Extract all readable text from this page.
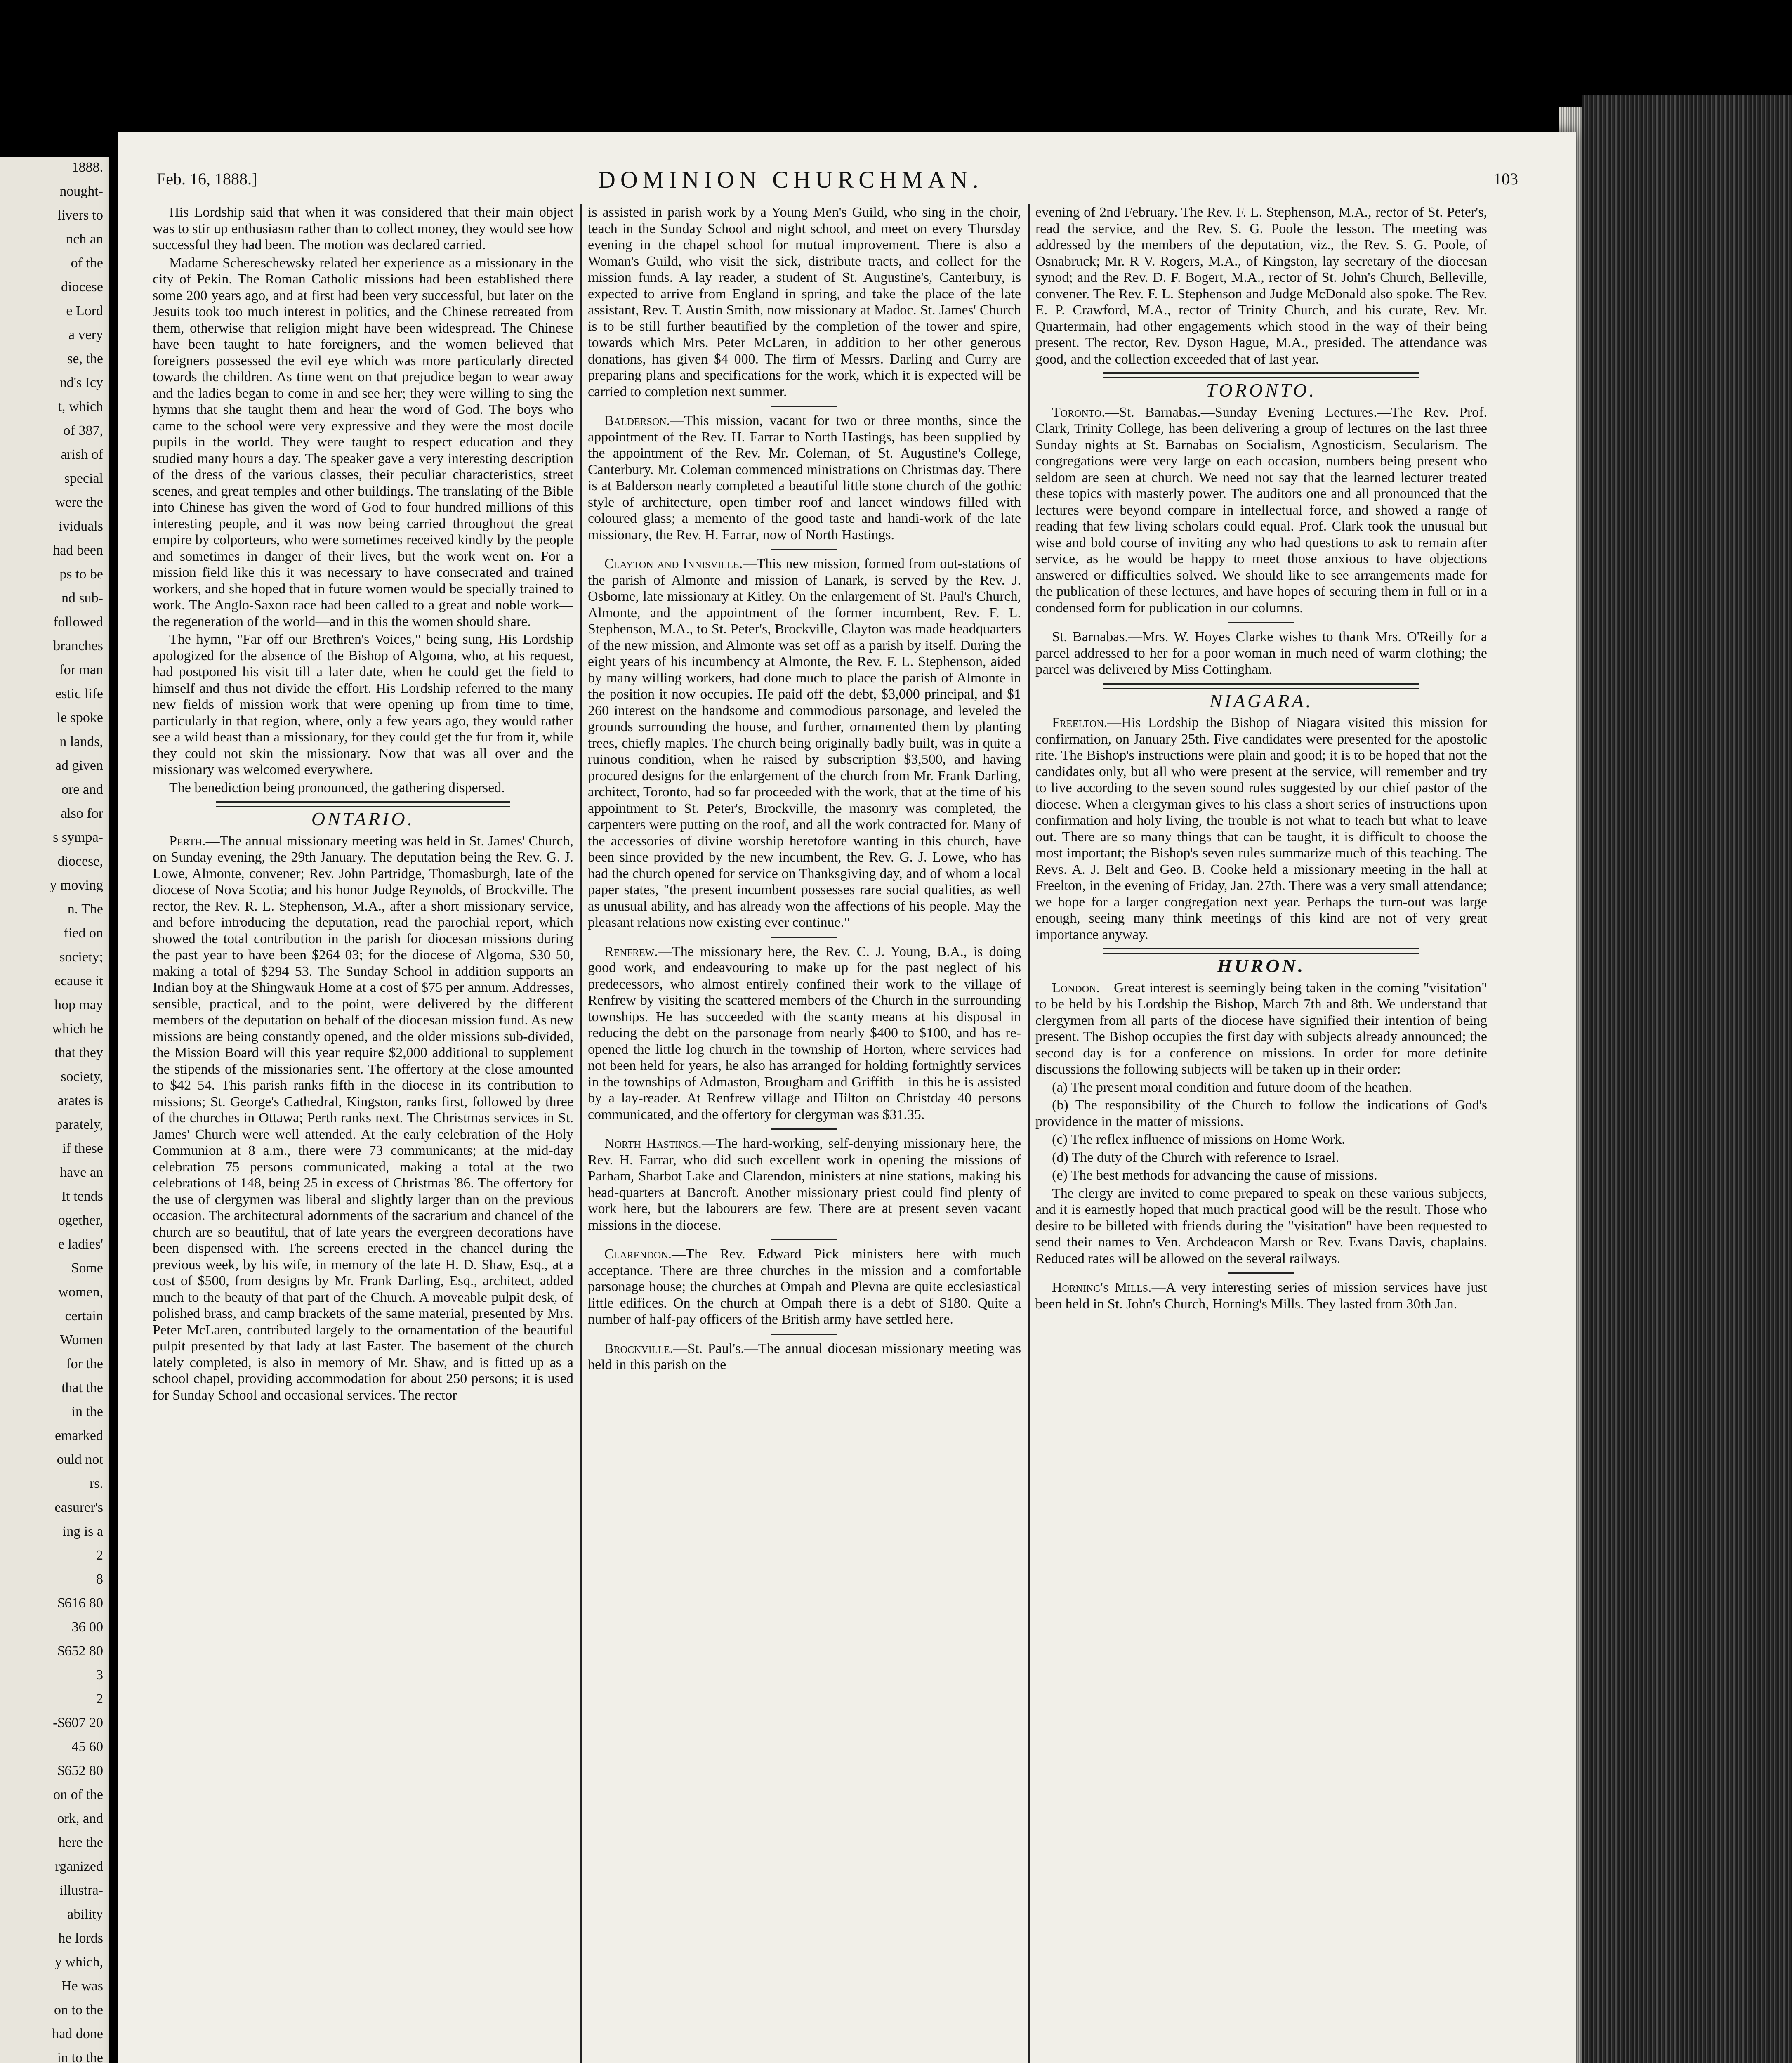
1888.
nought-
livers to
nch an
of the
diocese
e Lord
a very
se, the
nd's Icy
t, which
of 387,
arish of
special
were the
ividuals
had been
ps to be
nd sub-
followed
branches
for man
estic life
le spoke
n lands,
ad given
ore and
also for
s sympa-
diocese,
y moving
n. The
fied on
society;
ecause it
hop may
which he
that they
society,
arates is
parately,
if these
have an
It tends
ogether,
e ladies'
Some
women,
certain
Women
for the
that the
in the
emarked
ould not
rs.
easurer's
ing is a
2
8
$616 80
36 00
$652 80
3
2
-$607 20
45 60
$652 80
on of the
ork, and
here the
rganized
illustra-
ability
he lords
y which,
He was
on to the
had done
in to the
Feb. 16, 1888.]	DOMINION CHURCHMAN.	103

His Lordship said that when it was considered that their main object was to stir up enthusiasm rather than to collect money, they would see how successful they had been. The motion was declared carried.

Madame Schereschewsky related her experience as a missionary in the city of Pekin. The Roman Catholic missions had been established there some 200 years ago, and at first had been very successful, but later on the Jesuits took too much interest in politics, and the Chinese retreated from them, otherwise that religion might have been widespread. The Chinese have been taught to hate foreigners, and the women believed that foreigners possessed the evil eye which was more particularly directed towards the children. As time went on that prejudice began to wear away and the ladies began to come in and see her; they were willing to sing the hymns that she taught them and hear the word of God. The boys who came to the school were very expressive and they were the most docile pupils in the world. They were taught to respect education and they studied many hours a day. The speaker gave a very interesting description of the dress of the various classes, their peculiar characteristics, street scenes, and great temples and other buildings. The translating of the Bible into Chinese has given the word of God to four hundred millions of this interesting people, and it was now being carried throughout the great empire by colporteurs, who were sometimes received kindly by the people and sometimes in danger of their lives, but the work went on. For a mission field like this it was necessary to have consecrated and trained workers, and she hoped that in future women would be specially trained to work. The Anglo-Saxon race had been called to a great and noble work—the regeneration of the world—and in this the women should share.

The hymn, "Far off our Brethren's Voices," being sung, His Lordship apologized for the absence of the Bishop of Algoma, who, at his request, had postponed his visit till a later date, when he could get the field to himself and thus not divide the effort. His Lordship referred to the many new fields of mission work that were opening up from time to time, particularly in that region, where, only a few years ago, they would rather see a wild beast than a missionary, for they could get the fur from it, while they could not skin the missionary. Now that was all over and the missionary was welcomed everywhere.

The benediction being pronounced, the gathering dispersed.

ONTARIO.

Perth.—The annual missionary meeting was held in St. James' Church, on Sunday evening, the 29th January. The deputation being the Rev. G. J. Lowe, Almonte, convener; Rev. John Partridge, Thomasburgh, late of the diocese of Nova Scotia; and his honor Judge Reynolds, of Brockville. The rector, the Rev. R. L. Stephenson, M.A., after a short missionary service, and before introducing the deputation, read the parochial report, which showed the total contribution in the parish for diocesan missions during the past year to have been $264 03; for the diocese of Algoma, $30 50, making a total of $294 53. The Sunday School in addition supports an Indian boy at the Shingwauk Home at a cost of $75 per annum. Addresses, sensible, practical, and to the point, were delivered by the different members of the deputation on behalf of the diocesan mission fund. As new missions are being constantly opened, and the older missions sub-divided, the Mission Board will this year require $2,000 additional to supplement the stipends of the missionaries sent. The offertory at the close amounted to $42 54. This parish ranks fifth in the diocese in its contribution to missions; St. George's Cathedral, Kingston, ranks first, followed by three of the churches in Ottawa; Perth ranks next. The Christmas services in St. James' Church were well attended. At the early celebration of the Holy Communion at 8 a.m., there were 73 communicants; at the mid-day celebration 75 persons communicated, making a total at the two celebrations of 148, being 25 in excess of Christmas '86. The offertory for the use of clergymen was liberal and slightly larger than on the previous occasion. The architectural adornments of the sacrarium and chancel of the church are so beautiful, that of late years the evergreen decorations have been dispensed with. The screens erected in the chancel during the previous week, by his wife, in memory of the late H. D. Shaw, Esq., at a cost of $500, from designs by Mr. Frank Darling, Esq., architect, added much to the beauty of that part of the Church. A moveable pulpit desk, of polished brass, and camp brackets of the same material, presented by Mrs. Peter McLaren, contributed largely to the ornamentation of the beautiful pulpit presented by that lady at last Easter. The basement of the church lately completed, is also in memory of Mr. Shaw, and is fitted up as a school chapel, providing accommodation for about 250 persons; it is used for Sunday School and occasional services. The rector

is assisted in parish work by a Young Men's Guild, who sing in the choir, teach in the Sunday School and night school, and meet on every Thursday evening in the chapel school for mutual improvement. There is also a Woman's Guild, who visit the sick, distribute tracts, and collect for the mission funds. A lay reader, a student of St. Augustine's, Canterbury, is expected to arrive from England in spring, and take the place of the late assistant, Rev. T. Austin Smith, now missionary at Madoc. St. James' Church is to be still further beautified by the completion of the tower and spire, towards which Mrs. Peter McLaren, in addition to her other generous donations, has given $4 000. The firm of Messrs. Darling and Curry are preparing plans and specifications for the work, which it is expected will be carried to completion next summer.

Balderson.—This mission, vacant for two or three months, since the appointment of the Rev. H. Farrar to North Hastings, has been supplied by the appointment of the Rev. Mr. Coleman, of St. Augustine's College, Canterbury. Mr. Coleman commenced ministrations on Christmas day. There is at Balderson nearly completed a beautiful little stone church of the gothic style of architecture, open timber roof and lancet windows filled with coloured glass; a memento of the good taste and handi-work of the late missionary, the Rev. H. Farrar, now of North Hastings.

Clayton and Innisville.—This new mission, formed from out-stations of the parish of Almonte and mission of Lanark, is served by the Rev. J. Osborne, late missionary at Kitley. On the enlargement of St. Paul's Church, Almonte, and the appointment of the former incumbent, Rev. F. L. Stephenson, M.A., to St. Peter's, Brockville, Clayton was made headquarters of the new mission, and Almonte was set off as a parish by itself. During the eight years of his incumbency at Almonte, the Rev. F. L. Stephenson, aided by many willing workers, had done much to place the parish of Almonte in the position it now occupies. He paid off the debt, $3,000 principal, and $1 260 interest on the handsome and commodious parsonage, and leveled the grounds surrounding the house, and further, ornamented them by planting trees, chiefly maples. The church being originally badly built, was in quite a ruinous condition, when he raised by subscription $3,500, and having procured designs for the enlargement of the church from Mr. Frank Darling, architect, Toronto, had so far proceeded with the work, that at the time of his appointment to St. Peter's, Brockville, the masonry was completed, the carpenters were putting on the roof, and all the work contracted for. Many of the accessories of divine worship heretofore wanting in this church, have been since provided by the new incumbent, the Rev. G. J. Lowe, who has had the church opened for service on Thanksgiving day, and of whom a local paper states, "the present incumbent possesses rare social qualities, as well as unusual ability, and has already won the affections of his people. May the pleasant relations now existing ever continue."

Renfrew.—The missionary here, the Rev. C. J. Young, B.A., is doing good work, and endeavouring to make up for the past neglect of his predecessors, who almost entirely confined their work to the village of Renfrew by visiting the scattered members of the Church in the surrounding townships. He has succeeded with the scanty means at his disposal in reducing the debt on the parsonage from nearly $400 to $100, and has re-opened the little log church in the township of Horton, where services had not been held for years, he also has arranged for holding fortnightly services in the townships of Admaston, Brougham and Griffith—in this he is assisted by a lay-reader. At Renfrew village and Hilton on Christday 40 persons communicated, and the offertory for clergyman was $31.35.

North Hastings.—The hard-working, self-denying missionary here, the Rev. H. Farrar, who did such excellent work in opening the missions of Parham, Sharbot Lake and Clarendon, ministers at nine stations, making his head-quarters at Bancroft. Another missionary priest could find plenty of work here, but the labourers are few. There are at present seven vacant missions in the diocese.

Clarendon.—The Rev. Edward Pick ministers here with much acceptance. There are three churches in the mission and a comfortable parsonage house; the churches at Ompah and Plevna are quite ecclesiastical little edifices. On the church at Ompah there is a debt of $180. Quite a number of half-pay officers of the British army have settled here.

Brockville.—St. Paul's.—The annual diocesan missionary meeting was held in this parish on the

evening of 2nd February. The Rev. F. L. Stephenson, M.A., rector of St. Peter's, read the service, and the Rev. S. G. Poole the lesson. The meeting was addressed by the members of the deputation, viz., the Rev. S. G. Poole, of Osnabruck; Mr. R V. Rogers, M.A., of Kingston, lay secretary of the diocesan synod; and the Rev. D. F. Bogert, M.A., rector of St. John's Church, Belleville, convener. The Rev. F. L. Stephenson and Judge McDonald also spoke. The Rev. E. P. Crawford, M.A., rector of Trinity Church, and his curate, Rev. Mr. Quartermain, had other engagements which stood in the way of their being present. The rector, Rev. Dyson Hague, M.A., presided. The attendance was good, and the collection exceeded that of last year.

TORONTO.

Toronto.—St. Barnabas.—Sunday Evening Lectures.—The Rev. Prof. Clark, Trinity College, has been delivering a group of lectures on the last three Sunday nights at St. Barnabas on Socialism, Agnosticism, Secularism. The congregations were very large on each occasion, numbers being present who seldom are seen at church. We need not say that the learned lecturer treated these topics with masterly power. The auditors one and all pronounced that the lectures were beyond compare in intellectual force, and showed a range of reading that few living scholars could equal. Prof. Clark took the unusual but wise and bold course of inviting any who had questions to ask to remain after service, as he would be happy to meet those anxious to have objections answered or difficulties solved. We should like to see arrangements made for the publication of these lectures, and have hopes of securing them in full or in a condensed form for publication in our columns.

St. Barnabas.—Mrs. W. Hoyes Clarke wishes to thank Mrs. O'Reilly for a parcel addressed to her for a poor woman in much need of warm clothing; the parcel was delivered by Miss Cottingham.

NIAGARA.

Freelton.—His Lordship the Bishop of Niagara visited this mission for confirmation, on January 25th. Five candidates were presented for the apostolic rite. The Bishop's instructions were plain and good; it is to be hoped that not the candidates only, but all who were present at the service, will remember and try to live according to the seven sound rules suggested by our chief pastor of the diocese. When a clergyman gives to his class a short series of instructions upon confirmation and holy living, the trouble is not what to teach but what to leave out. There are so many things that can be taught, it is difficult to choose the most important; the Bishop's seven rules summarize much of this teaching. The Revs. A. J. Belt and Geo. B. Cooke held a missionary meeting in the hall at Freelton, in the evening of Friday, Jan. 27th. There was a very small attendance; we hope for a larger congregation next year. Perhaps the turn-out was large enough, seeing many think meetings of this kind are not of very great importance anyway.

HURON.

London.—Great interest is seemingly being taken in the coming "visitation" to be held by his Lordship the Bishop, March 7th and 8th. We understand that clergymen from all parts of the diocese have signified their intention of being present. The Bishop occupies the first day with subjects already announced; the second day is for a conference on missions. In order for more definite discussions the following subjects will be taken up in their order:

(a) The present moral condition and future doom of the heathen.

(b) The responsibility of the Church to follow the indications of God's providence in the matter of missions.

(c) The reflex influence of missions on Home Work.

(d) The duty of the Church with reference to Israel.

(e) The best methods for advancing the cause of missions.

The clergy are invited to come prepared to speak on these various subjects, and it is earnestly hoped that much practical good will be the result. Those who desire to be billeted with friends during the "visitation" have been requested to send their names to Ven. Archdeacon Marsh or Rev. Evans Davis, chaplains. Reduced rates will be allowed on the several railways.

Horning's Mills.—A very interesting series of mission services have just been held in St. John's Church, Horning's Mills. They lasted from 30th Jan.
